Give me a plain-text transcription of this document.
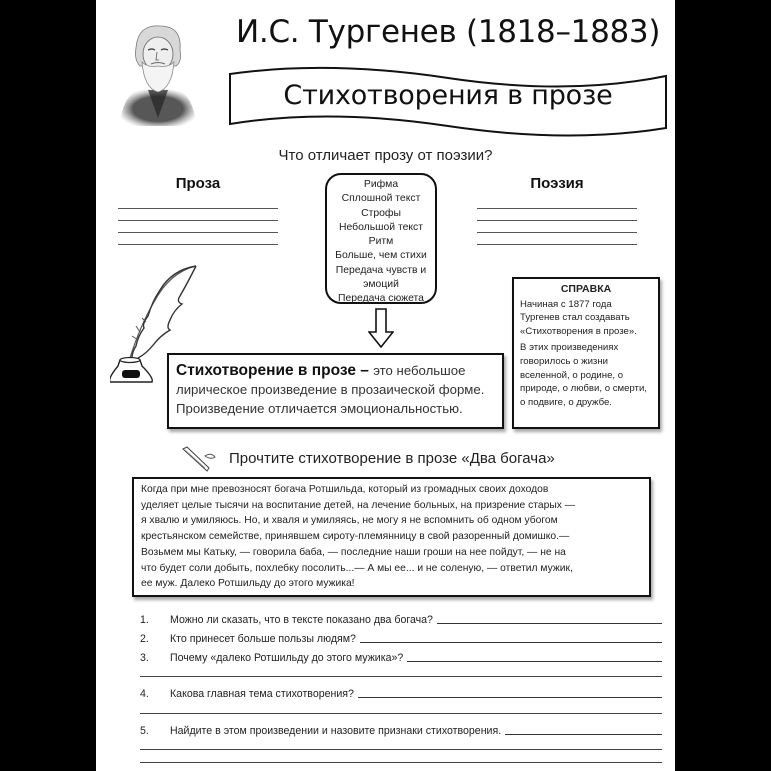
И.С. Тургенев (1818–1883)
Стихотворения в прозе
Что отличает прозу от поэзии?
Проза	Поэзия
Рифма
Сплошной текст
Строфы
Небольшой текст
Ритм
Больше, чем стихи
Передача чувств и
эмоций
Передача сюжета
СПРАВКА
Начиная с 1877 года Тургенев стал создавать «Стихотворения в прозе».
В этих произведениях говорилось о жизни вселенной, о родине, о природе, о любви, о смерти, о подвиге, о дружбе.
Стихотворение в прозе – это небольшое
лирическое произведение в прозаической форме.
Произведение отличается эмоциональностью.
Прочтите стихотворение в прозе «Два богача»
Когда при мне превозносят богача Ротшильда, который из громадных своих доходов
уделяет целые тысячи на воспитание детей, на лечение больных, на призрение старых —
я хвалю и умиляюсь. Но, и хваля и умиляясь, не могу я не вспомнить об одном убогом
крестьянском семействе, принявшем сироту-племянницу в свой разоренный домишко.—
Возьмем мы Катьку, — говорила баба, — последние наши гроши на нее пойдут, — не на
что будет соли добыть, похлебку посолить...— А мы ее... и не соленую, — ответил мужик,
ее муж. Далеко Ротшильду до этого мужика!
1.	Можно ли сказать, что в тексте показано два богача?
2.	Кто принесет больше пользы людям?
3.	Почему «далеко Ротшильду до этого мужика»?
4.	Какова главная тема стихотворения?
5.	Найдите в этом произведении и назовите признаки стихотворения.
